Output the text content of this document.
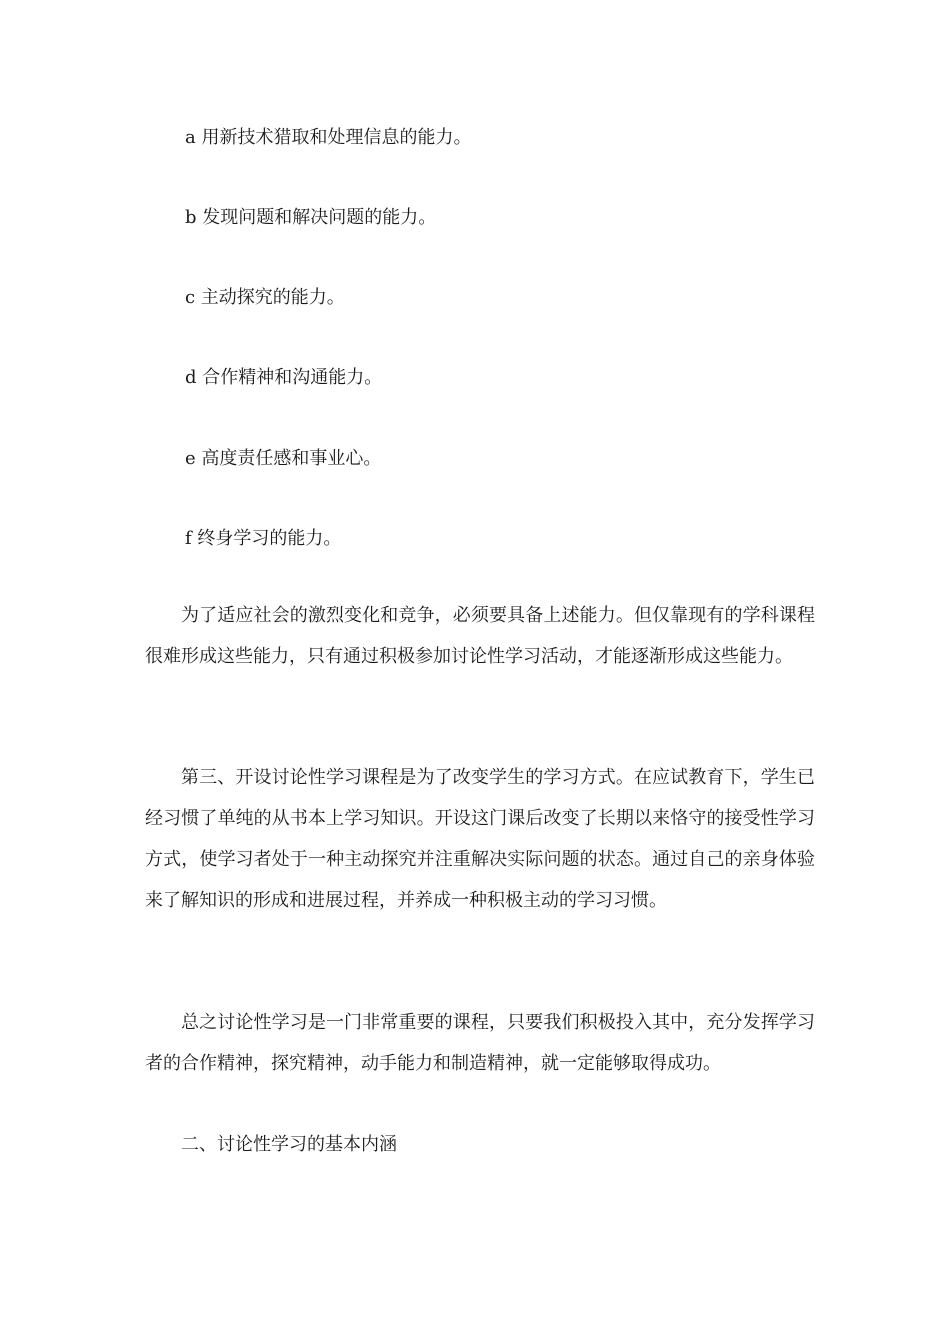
a 用新技术猎取和处理信息的能力。
b 发现问题和解决问题的能力。
c 主动探究的能力。
d 合作精神和沟通能力。
e 高度责任感和事业心。
f 终身学习的能力。
为了适应社会的激烈变化和竞争，必须要具备上述能力。但仅靠现有的学科课程很难形成这些能力，只有通过积极参加讨论性学习活动，才能逐渐形成这些能力。
第三、开设讨论性学习课程是为了改变学生的学习方式。在应试教育下，学生已经习惯了单纯的从书本上学习知识。开设这门课后改变了长期以来恪守的接受性学习方式，使学习者处于一种主动探究并注重解决实际问题的状态。通过自己的亲身体验来了解知识的形成和进展过程，并养成一种积极主动的学习习惯。
总之讨论性学习是一门非常重要的课程，只要我们积极投入其中，充分发挥学习者的合作精神，探究精神，动手能力和制造精神，就一定能够取得成功。
二、讨论性学习的基本内涵
